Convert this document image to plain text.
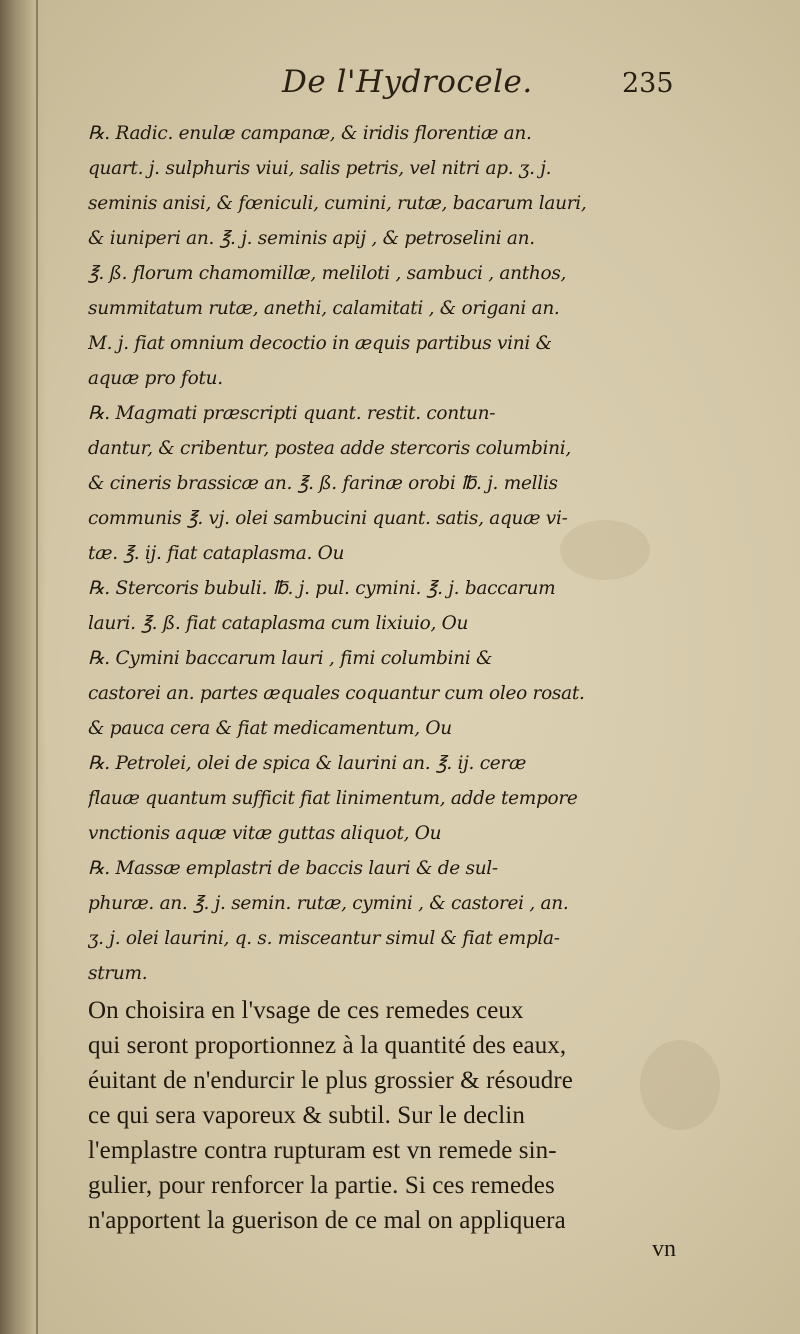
De l'Hydrocele.	235
℞. Radic. enulæ campanæ, & iridis florentiæ an.
quart. j. sulphuris viui, salis petris, vel nitri ap. ʒ. j.
seminis anisi, & fœniculi, cumini, rutæ, bacarum lauri,
& iuniperi an. ℥. j. seminis apij , & petroselini an.
℥. ß. florum chamomillæ, meliloti , sambuci , anthos,
summitatum rutæ, anethi, calamitati , & origani an.
M. j. fiat omnium decoctio in æquis partibus vini &
aquæ pro fotu.
℞. Magmati præscripti quant. restit. contun-
dantur, & cribentur, postea adde stercoris columbini,
& cineris brassicæ an. ℥. ß. farinæ orobi ℔. j. mellis
communis ℥. vj. olei sambucini quant. satis, aquæ vi-
tæ. ℥. ij. fiat cataplasma. Ou
℞. Stercoris bubuli. ℔. j. pul. cymini. ℥. j. baccarum
lauri. ℥. ß. fiat cataplasma cum lixiuio, Ou
℞. Cymini baccarum lauri , fimi columbini &
castorei an. partes æquales coquantur cum oleo rosat.
& pauca cera & fiat medicamentum, Ou
℞. Petrolei, olei de spica & laurini an. ℥. ij. ceræ
flauæ quantum sufficit fiat linimentum, adde tempore
vnctionis aquæ vitæ guttas aliquot, Ou
℞. Massæ emplastri de baccis lauri & de sul-
phuræ. an. ℥. j. semin. rutæ, cymini , & castorei , an.
ʒ. j. olei laurini, q. s. misceantur simul & fiat empla-
strum.
On choisira en l'vsage de ces remedes ceux
qui seront proportionnez à la quantité des eaux,
éuitant de n'endurcir le plus grossier & résoudre
ce qui sera vaporeux & subtil. Sur le declin
l'emplastre contra rupturam est vn remede sin-
gulier, pour renforcer la partie. Si ces remedes
n'apportent la guerison de ce mal on appliquera
vn
